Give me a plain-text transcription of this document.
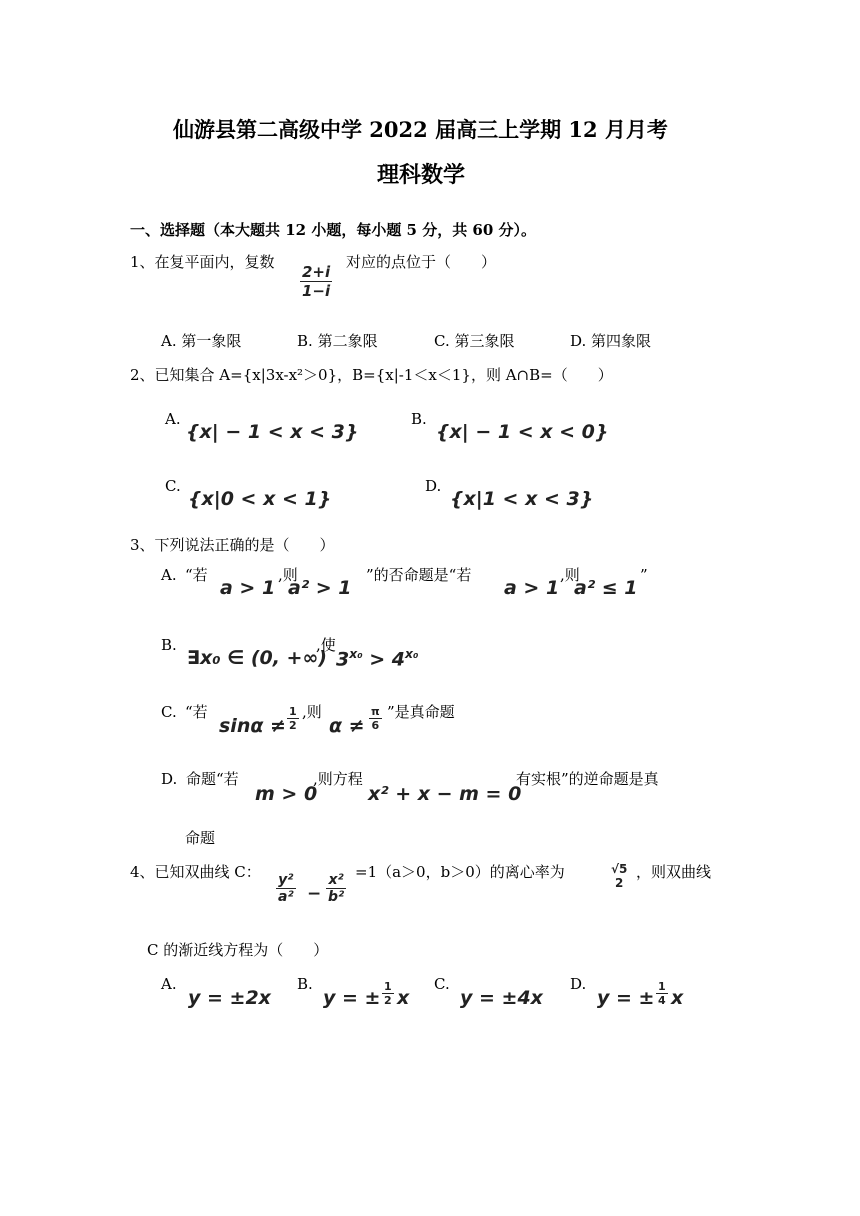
仙游县第二高级中学 2022 届高三上学期 12 月月考
理科数学
一、选择题（本大题共 12 小题，每小题 5 分，共 60 分）。
1、在复平面内，复数
$\frac{2+i}{1-i}$
对应的点位于（　　）
A. 第一象限	B. 第二象限	C. 第三象限	D. 第四象限
2、已知集合 A={x|3x-x²＞0}，B={x|-1＜x＜1}，则 A∩B=（　　）
A.
{x| − 1 < x < 3}
B.
{x| − 1 < x < 0}
C.
{x|0 < x < 1}
D.
{x|1 < x < 3}
3、下列说法正确的是（　　）
A. “若
a > 1
,则
a² > 1
”的否命题是“若
a > 1
,则
a² ≤ 1
”
B.
∃x₀ ∈ (0, +∞)
,使
$3^{x_0} > 4^{x_0}$
C. “若
$\sin\alpha \ne \frac{1}{2}$ ,则
$\alpha \ne \frac{\pi}{6}$ ”是真命题
D. 命题“若
m > 0
,则方程
x² + x − m = 0
有实根”的逆命题是真
命题
4、已知双曲线 C： $\frac{\text{y²}}{\text{a²}} - \frac{\text{x²}}{\text{b²}} =1(a>0$，b＞0）的离心率为	√5
2
，则双曲线
C 的渐近线方程为（　　）
A.
y = ±2x
B.
y = ± $\frac{1}{2}$ x
C.
y = ±4x
D.
y = ± $\frac{1}{4}$ x
